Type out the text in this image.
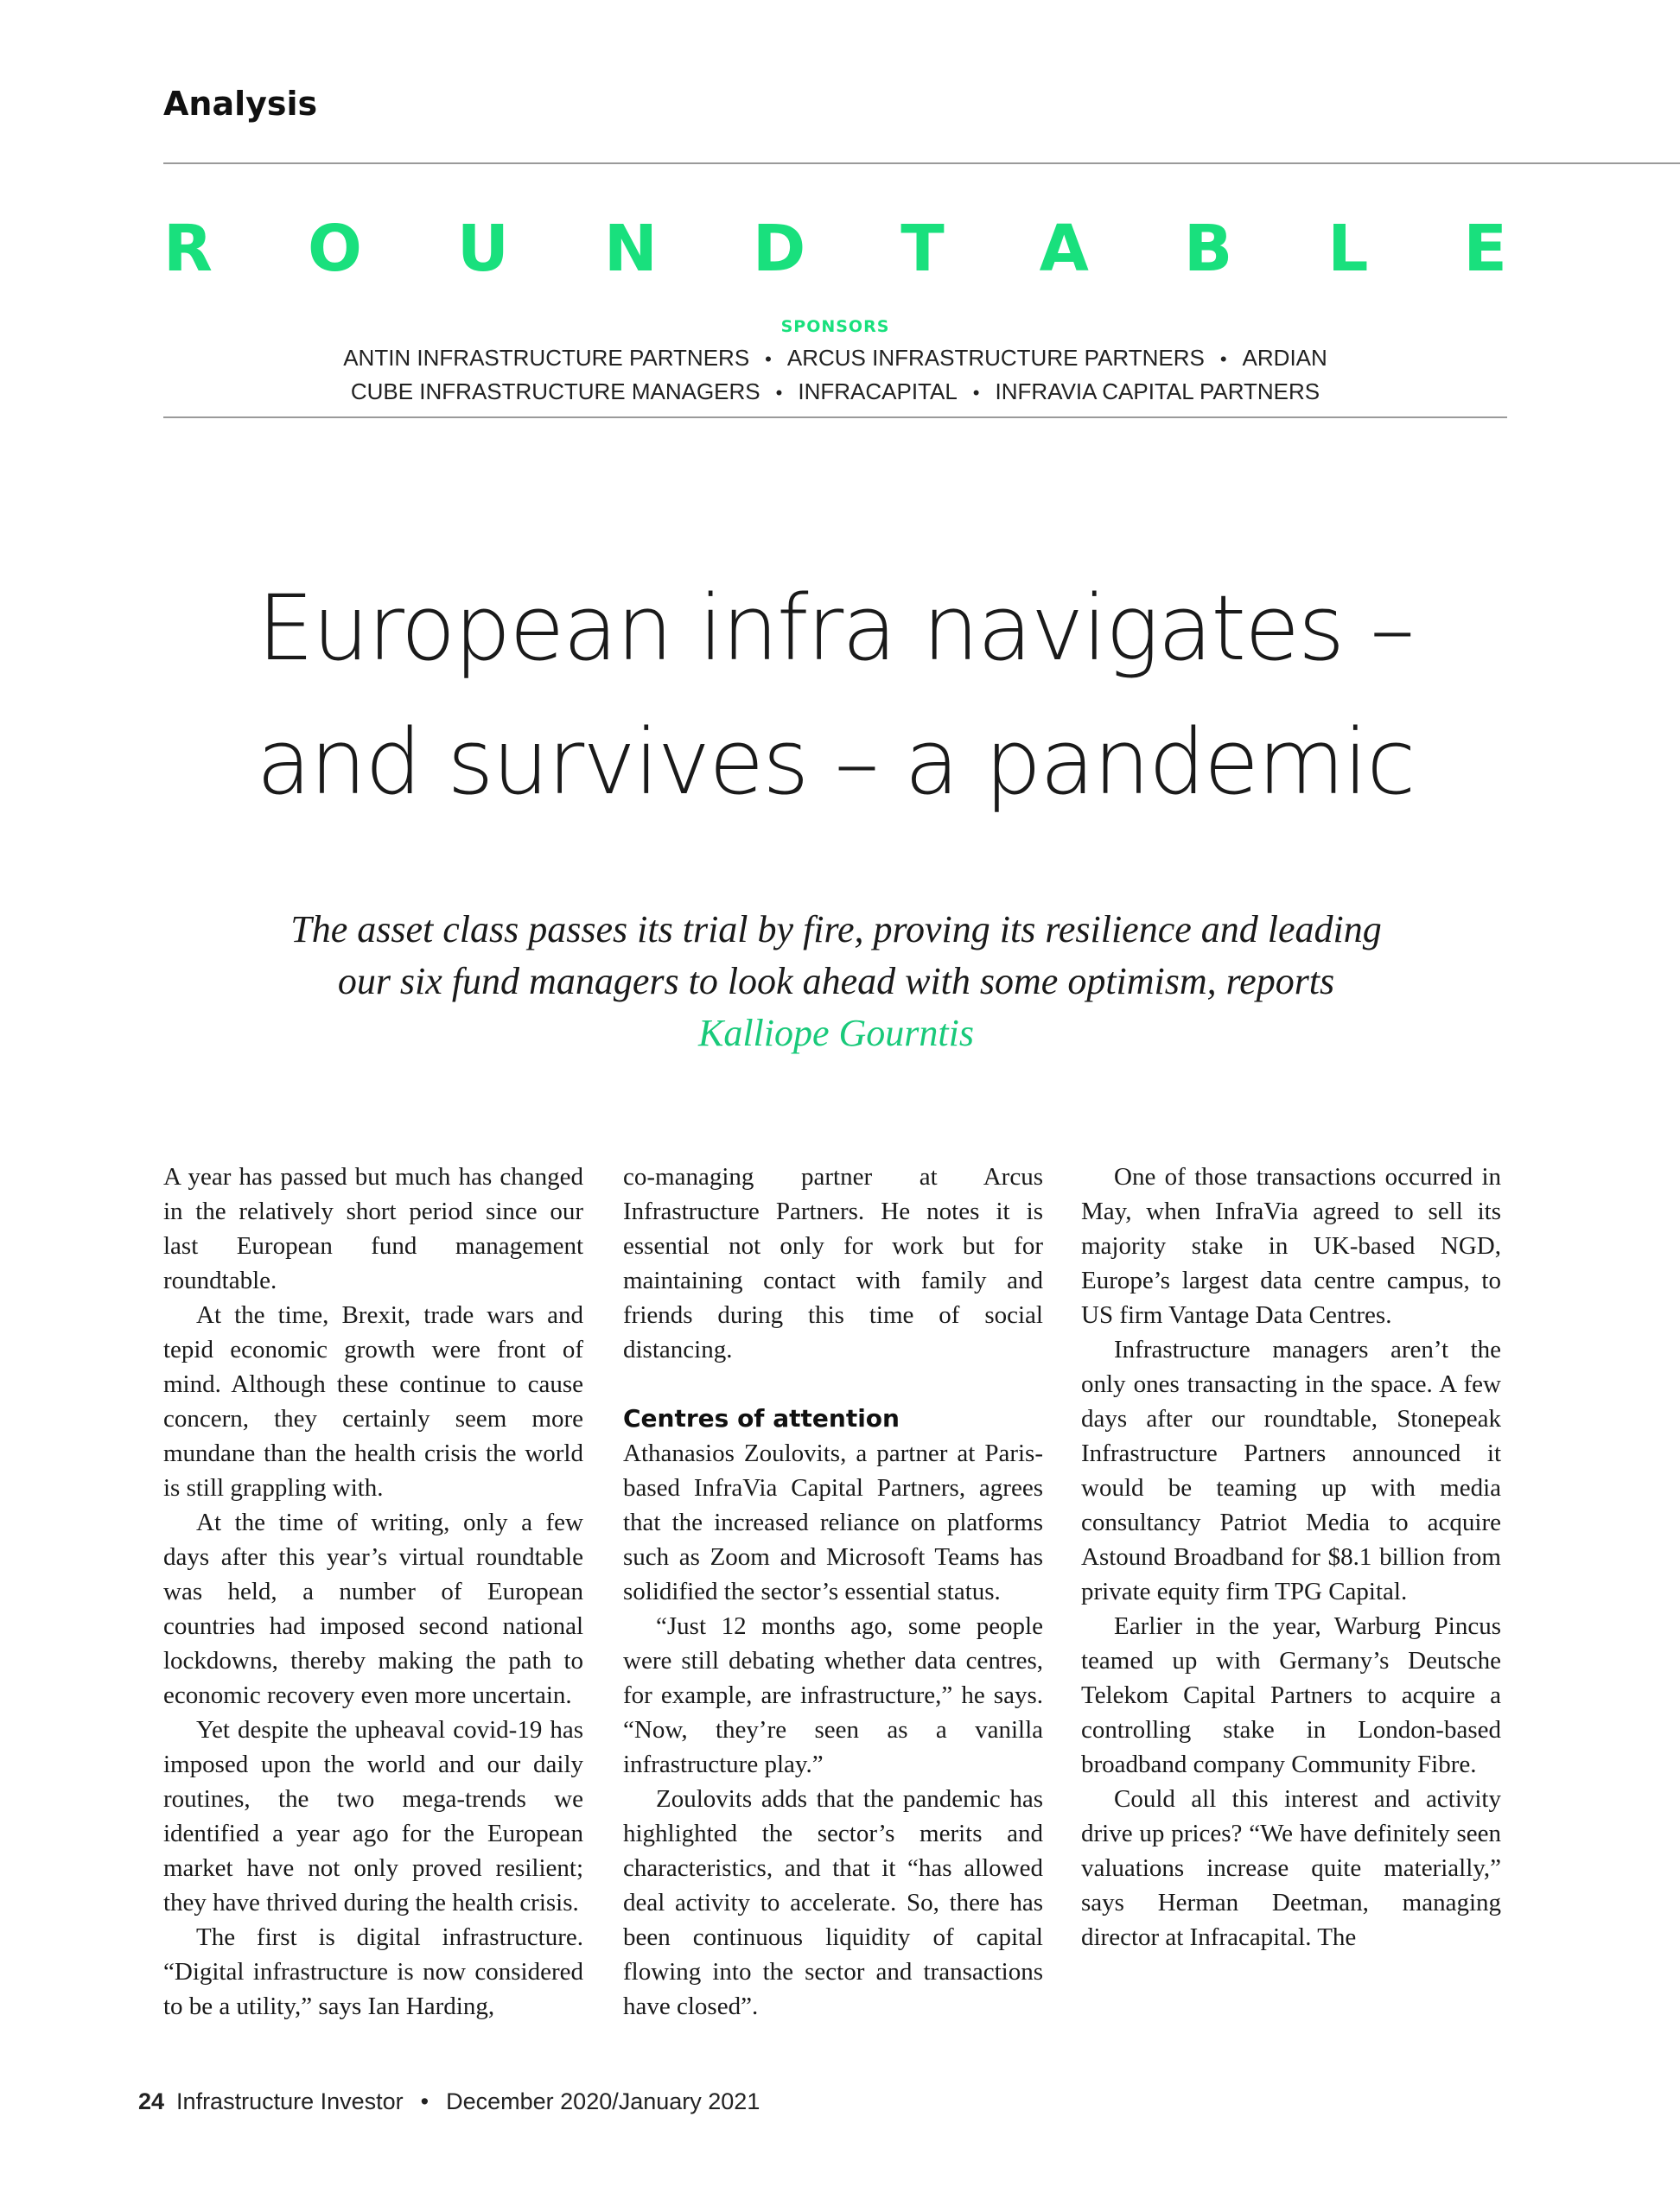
Analysis
R O U N D T A B L E
SPONSORS
ANTIN INFRASTRUCTURE PARTNERS • ARCUS INFRASTRUCTURE PARTNERS • ARDIAN
CUBE INFRASTRUCTURE MANAGERS • INFRACAPITAL • INFRAVIA CAPITAL PARTNERS
European infra navigates –
and survives – a pandemic
The asset class passes its trial by fire, proving its resilience and leading
our six fund managers to look ahead with some optimism, reports
Kalliope Gourntis

A year has passed but much has changed in the relatively short period since our last European fund management roundtable.

At the time, Brexit, trade wars and tepid economic growth were front of mind. Although these continue to cause concern, they certainly seem more mundane than the health crisis the world is still grappling with.

At the time of writing, only a few days after this year’s virtual roundtable was held, a number of European countries had imposed second national lockdowns, thereby making the path to economic recovery even more uncertain.

Yet despite the upheaval covid-19 has imposed upon the world and our daily routines, the two mega-trends we identified a year ago for the European market have not only proved resilient; they have thrived during the health crisis.

The first is digital infrastructure. “Digital infrastructure is now considered to be a utility,” says Ian Harding,

co-managing partner at Arcus Infrastructure Partners. He notes it is essential not only for work but for maintaining contact with family and friends during this time of social distancing.

Centres of attention

Athanasios Zoulovits, a partner at Paris-based InfraVia Capital Partners, agrees that the increased reliance on platforms such as Zoom and Microsoft Teams has solidified the sector’s essential status.

“Just 12 months ago, some people were still debating whether data centres, for example, are infrastructure,” he says. “Now, they’re seen as a vanilla infrastructure play.”

Zoulovits adds that the pandemic has highlighted the sector’s merits and characteristics, and that it “has allowed deal activity to accelerate. So, there has been continuous liquidity of capital flowing into the sector and transactions have closed”.

One of those transactions occurred in May, when InfraVia agreed to sell its majority stake in UK-based NGD, Europe’s largest data centre campus, to US firm Vantage Data Centres.

Infrastructure managers aren’t the only ones transacting in the space. A few days after our roundtable, Stonepeak Infrastructure Partners announced it would be teaming up with media consultancy Patriot Media to acquire Astound Broadband for $8.1 billion from private equity firm TPG Capital.

Earlier in the year, Warburg Pincus teamed up with Germany’s Deutsche Telekom Capital Partners to acquire a controlling stake in London-based broadband company Community Fibre.

Could all this interest and activity drive up prices? “We have definitely seen valuations increase quite materially,” says Herman Deetman, managing director at Infracapital. The

24 Infrastructure Investor • December 2020/January 2021
